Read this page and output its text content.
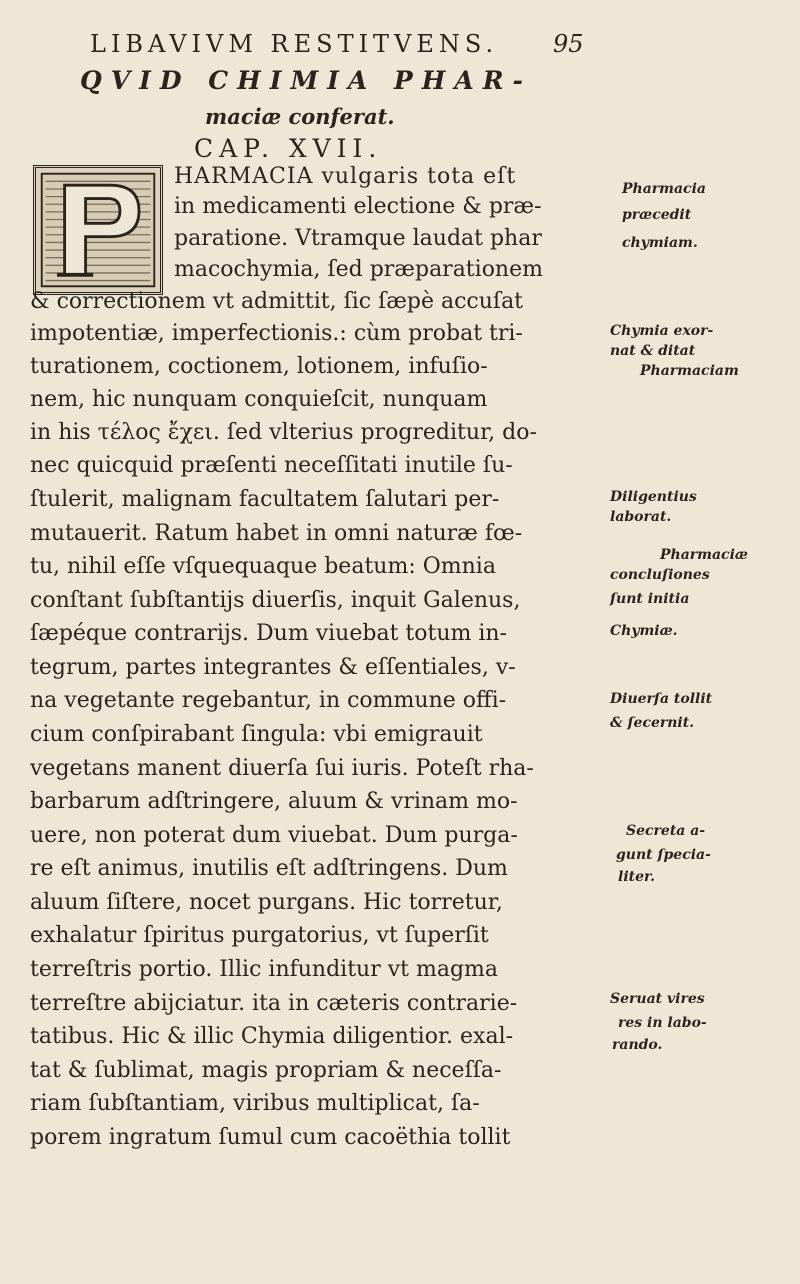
LIBAVIVM RESTITVENS.	95
QVID CHIMIA PHAR-
maciæ conferat.
CAP. XVII.
HARMACIA vulgaris tota eſt
in medicamenti electione & præ-
paratione. Vtramque laudat phar
macochymia, ſed præparationem
& correctionem vt admittit, ſic ſæpè accuſat
impotentiæ, imperfectionis.: cùm probat tri-
turationem, coctionem, lotionem, infuſio-
nem, hic nunquam conquieſcit, nunquam
in his τέλος ἔχει. ſed vlterius progreditur, do-
nec quicquid præſenti neceſſitati inutile ſu-
ſtulerit, malignam facultatem ſalutari per-
mutauerit. Ratum habet in omni naturæ fœ-
tu, nihil eſſe vſquequaque beatum: Omnia
conſtant ſubſtantijs diuerſis, inquit Galenus,
ſæpéque contrarijs. Dum viuebat totum in-
tegrum, partes integrantes & eſſentiales, v-
na vegetante regebantur, in commune offi-
cium conſpirabant ſingula: vbi emigrauit
vegetans manent diuerſa ſui iuris. Poteſt rha-
barbarum adſtringere, aluum & vrinam mo-
uere, non poterat dum viuebat. Dum purga-
re eſt animus, inutilis eſt adſtringens. Dum
aluum ſiſtere, nocet purgans. Hic torretur,
exhalatur ſpiritus purgatorius, vt ſuperſit
terreſtris portio. Illic infunditur vt magma
terreſtre abijciatur. ita in cæteris contrarie-
tatibus. Hic & illic Chymia diligentior. exal-
tat & ſublimat, magis propriam & neceſſa-
riam ſubſtantiam, viribus multiplicat, ſa-
porem ingratum ſumul cum cacoëthia tollit
Pharmacia
præcedit
chymiam.
Chymia exor-
nat & ditat
Pharmaciam
Diligentius
laborat.
Pharmaciæ
concluſiones
ſunt initia
Chymiæ.
Diuerſa tollit
& ſecernit.
Secreta a-
gunt ſpecia-
liter.
Seruat vires
res in labo-
rando.
